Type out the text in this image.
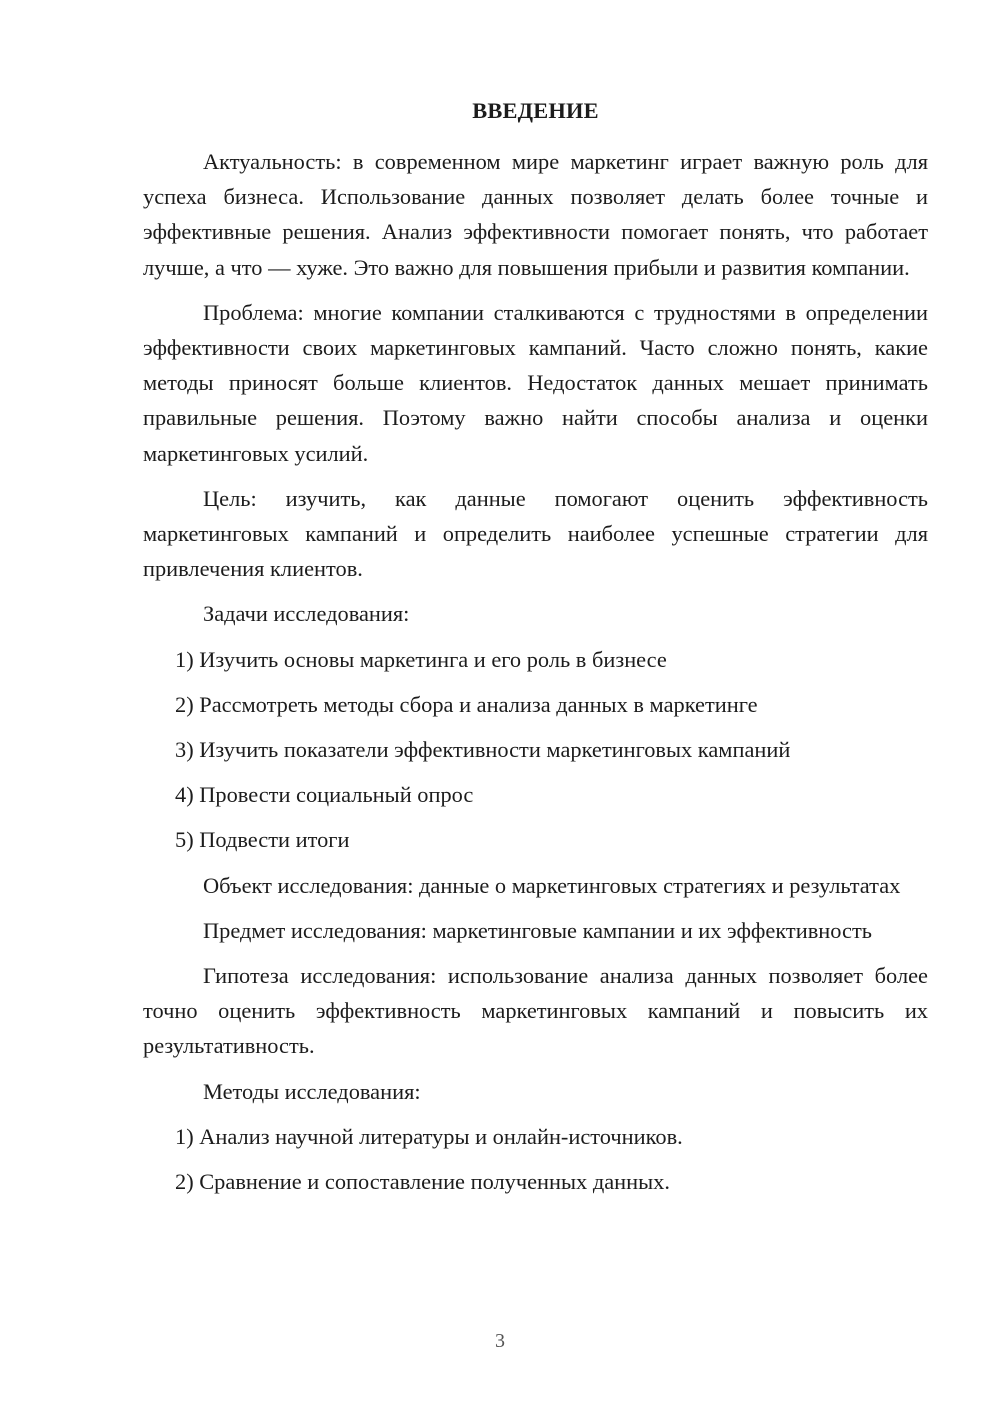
ВВЕДЕНИЕ

Актуальность: в современном мире маркетинг играет важную роль для успеха бизнеса. Использование данных позволяет делать более точные и эффективные решения. Анализ эффективности помогает понять, что работает лучше, а что — хуже. Это важно для повышения прибыли и развития компании.

Проблема: многие компании сталкиваются с трудностями в определении эффективности своих маркетинговых кампаний. Часто сложно понять, какие методы приносят больше клиентов. Недостаток данных мешает принимать правильные решения. Поэтому важно найти способы анализа и оценки маркетинговых усилий.

Цель: изучить, как данные помогают оценить эффективность маркетинговых кампаний и определить наиболее успешные стратегии для привлечения клиентов.

Задачи исследования:

1) Изучить основы маркетинга и его роль в бизнесе

2) Рассмотреть методы сбора и анализа данных в маркетинге

3) Изучить показатели эффективности маркетинговых кампаний

4) Провести социальный опрос

5) Подвести итоги

Объект исследования: данные о маркетинговых стратегиях и результатах

Предмет исследования: маркетинговые кампании и их эффективность

Гипотеза исследования: использование анализа данных позволяет более точно оценить эффективность маркетинговых кампаний и повысить их результативность.

Методы исследования:

1) Анализ научной литературы и онлайн-источников.

2) Сравнение и сопоставление полученных данных.

3
